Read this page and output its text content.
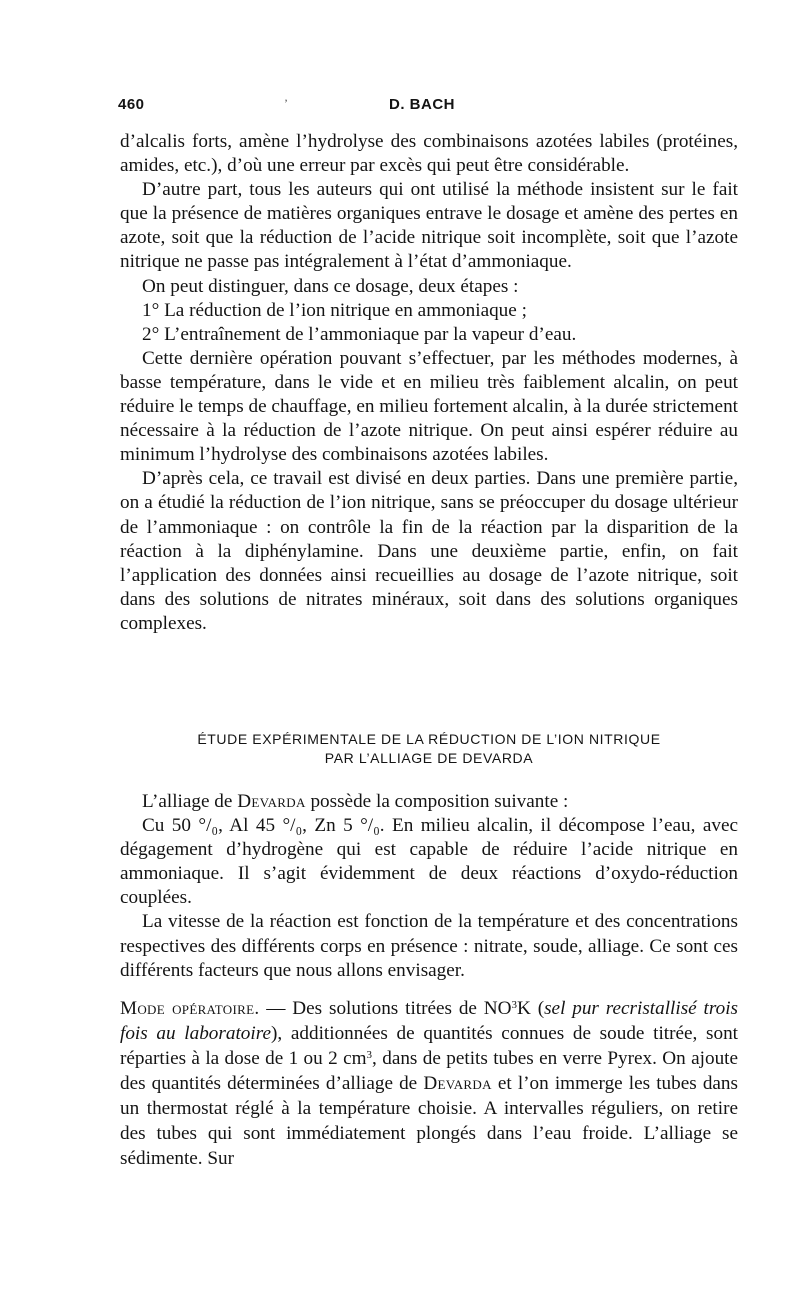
460	D. BACH
’

d’alcalis forts, amène l’hydrolyse des combinaisons azotées labiles (protéines, amides, etc.), d’où une erreur par excès qui peut être considérable.

D’autre part, tous les auteurs qui ont utilisé la méthode insistent sur le fait que la présence de matières organiques entrave le dosage et amène des pertes en azote, soit que la réduction de l’acide nitrique soit incomplète, soit que l’azote nitrique ne passe pas intégralement à l’état d’ammoniaque.

On peut distinguer, dans ce dosage, deux étapes :

1° La réduction de l’ion nitrique en ammoniaque ;

2° L’entraînement de l’ammoniaque par la vapeur d’eau.

Cette dernière opération pouvant s’effectuer, par les méthodes modernes, à basse température, dans le vide et en milieu très faiblement alcalin, on peut réduire le temps de chauffage, en milieu fortement alcalin, à la durée strictement nécessaire à la réduction de l’azote nitrique. On peut ainsi espérer réduire au minimum l’hydrolyse des combinaisons azotées labiles.

D’après cela, ce travail est divisé en deux parties. Dans une première partie, on a étudié la réduction de l’ion nitrique, sans se préoccuper du dosage ultérieur de l’ammoniaque : on contrôle la fin de la réaction par la disparition de la réaction à la diphénylamine. Dans une deuxième partie, enfin, on fait l’application des données ainsi recueillies au dosage de l’azote nitrique, soit dans des solutions de nitrates minéraux, soit dans des solutions organiques complexes.

ÉTUDE EXPÉRIMENTALE DE LA RÉDUCTION DE L’ION NITRIQUE
PAR L’ALLIAGE DE DEVARDA

L’alliage de Devarda possède la composition suivante :

Cu 50 °/₀, Al 45 °/₀, Zn 5 °/₀. En milieu alcalin, il décompose l’eau, avec dégagement d’hydrogène qui est capable de réduire l’acide nitrique en ammoniaque. Il s’agit évidemment de deux réactions d’oxydo-réduction couplées.

La vitesse de la réaction est fonction de la température et des concentrations respectives des différents corps en présence : nitrate, soude, alliage. Ce sont ces différents facteurs que nous allons envisager.

Mode opératoire. — Des solutions titrées de $NO^3K$ (sel pur recristallisé trois fois au laboratoire), additionnées de quantités connues de soude titrée, sont réparties à la dose de 1 ou 2 $cm^3$, dans de petits tubes en verre Pyrex. On ajoute des quantités déterminées d’alliage de Devarda et l’on immerge les tubes dans un thermostat réglé à la température choisie. A intervalles réguliers, on retire des tubes qui sont immédiatement plongés dans l’eau froide. L’alliage se sédimente. Sur
